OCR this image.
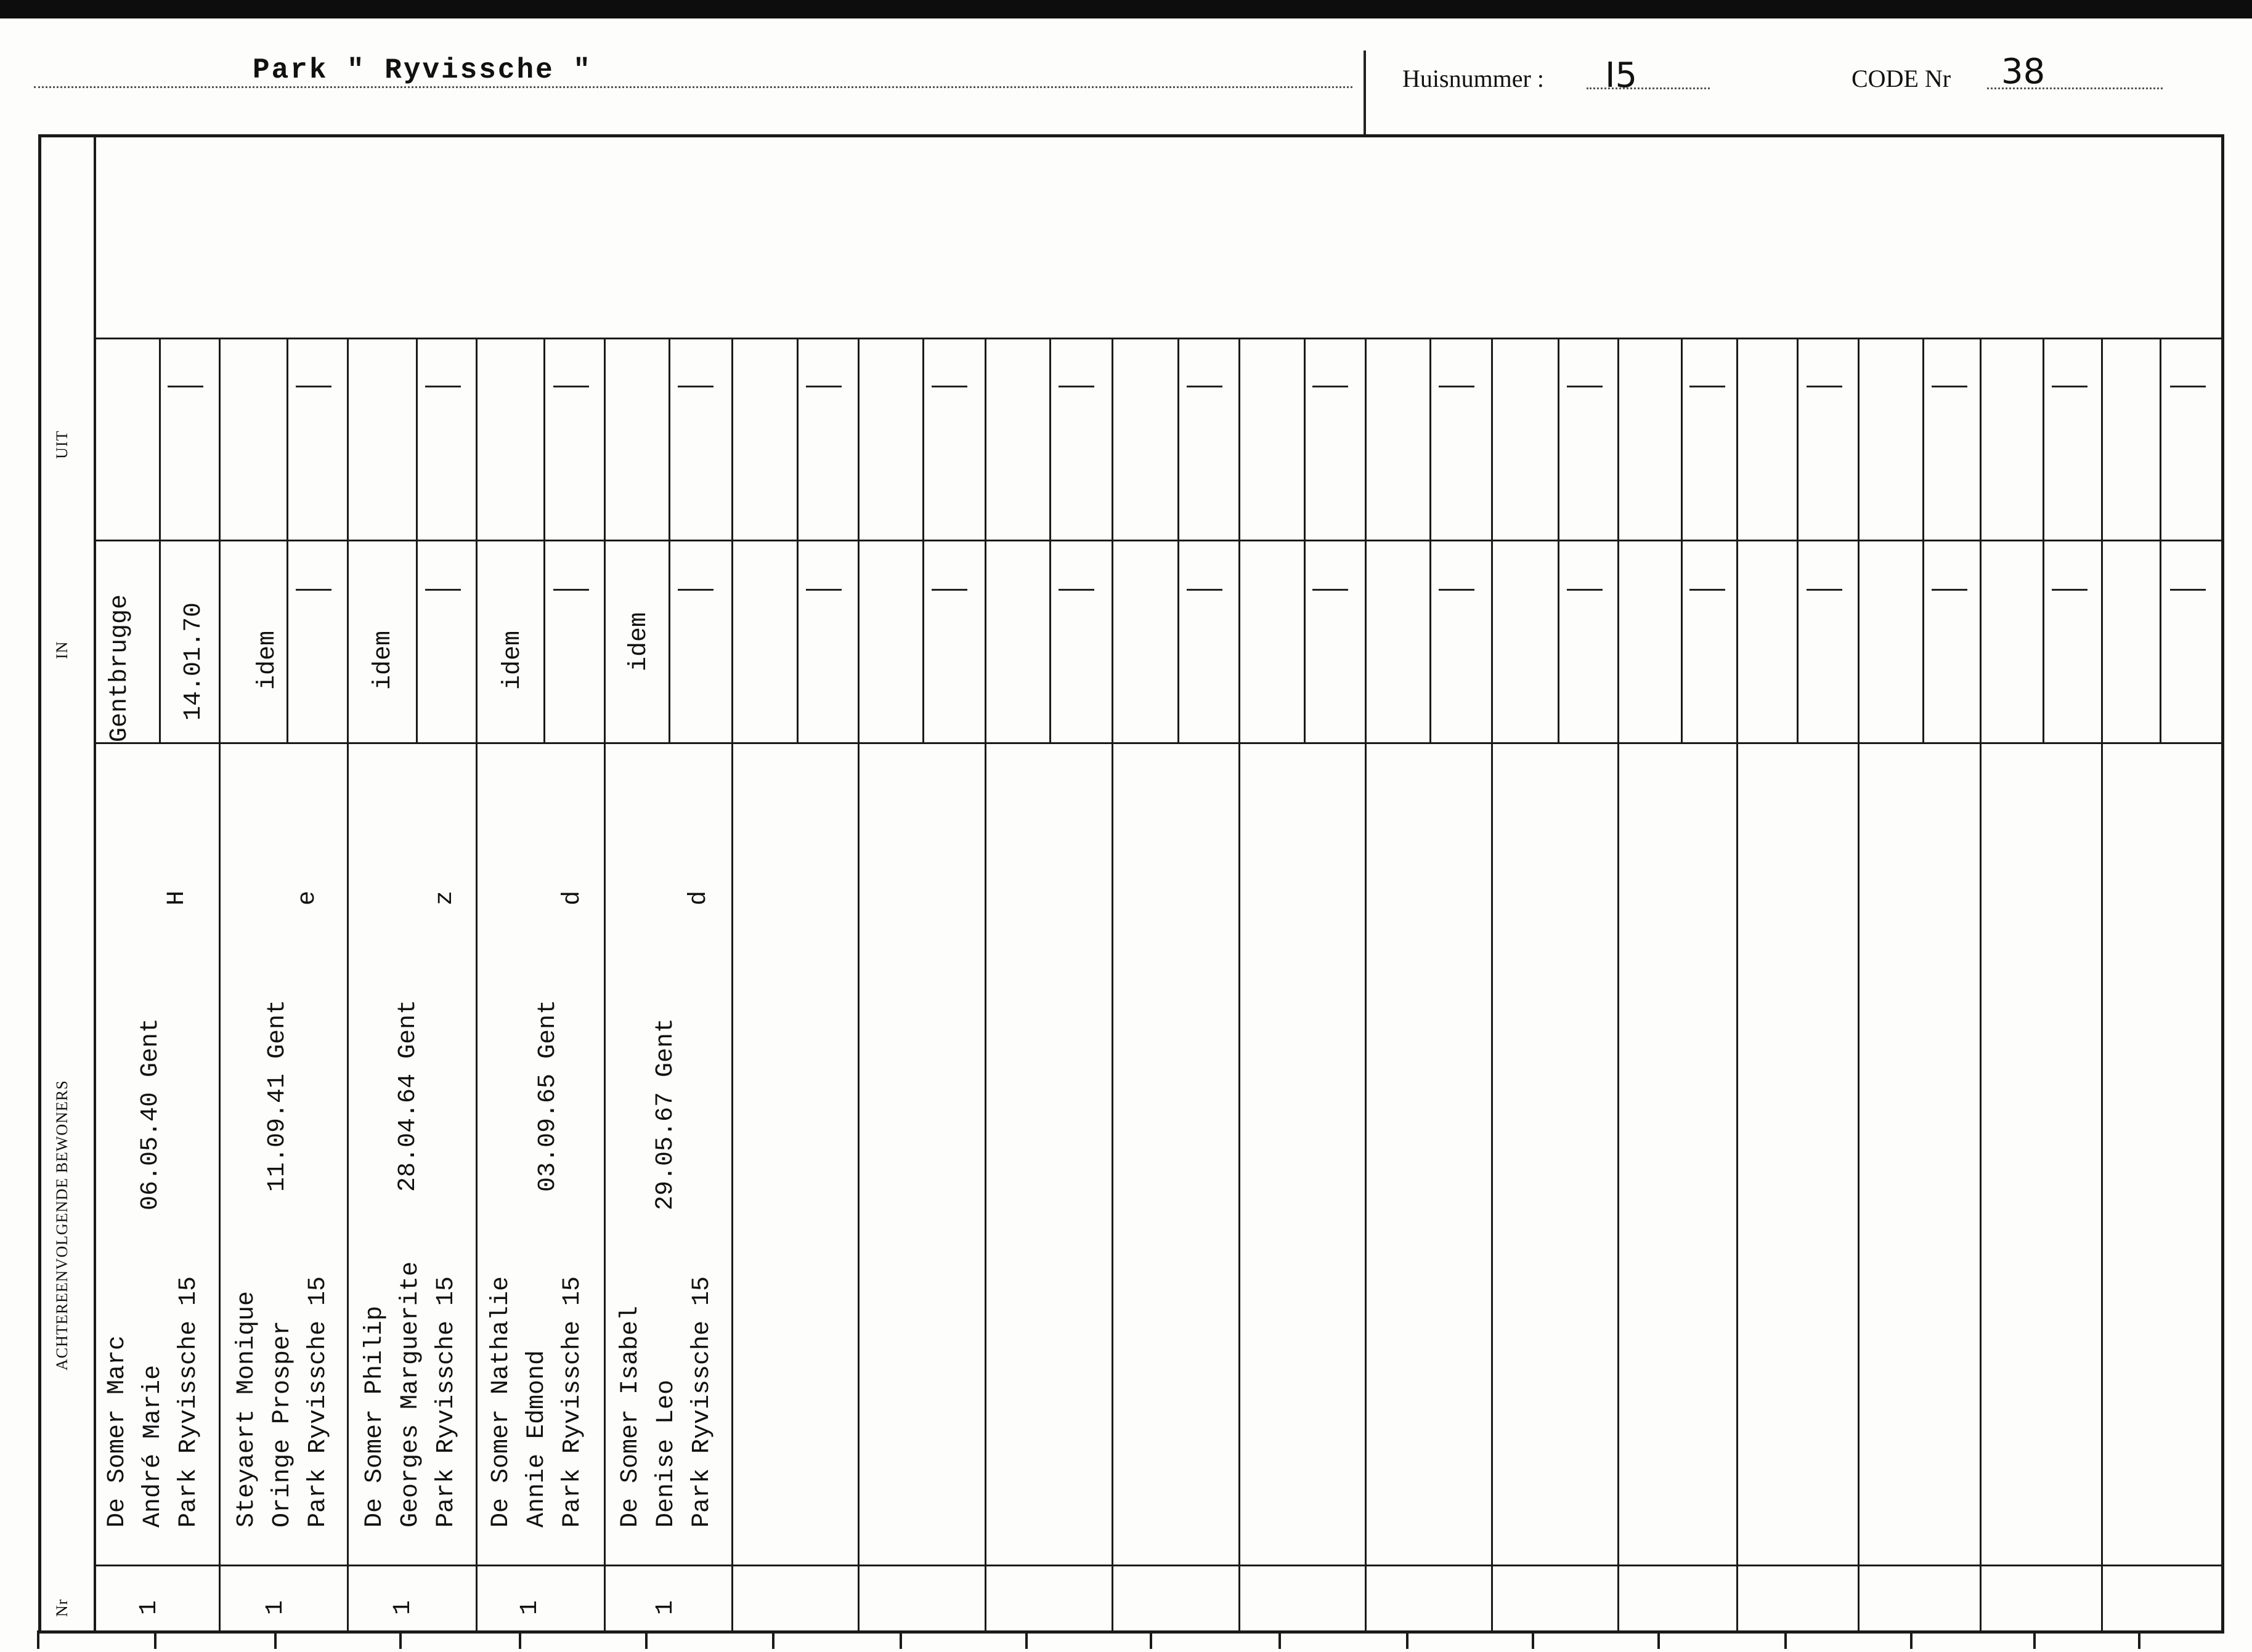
Park " Ryvissche "	Huisnummer : I5	CODE Nr 38
UIT
IN
ACHTEREENVOLGENDE BEWONERS
Nr
De Somer Marc André Marie Park Ryvissche 15
06.05.40 Gent
H
Gentbrugge 14.01.70
1
Steyaert Monique Oringe Prosper Park Ryvissche 15
11.09.41 Gent
e
idem
1
De Somer Philip Georges Marguerite Park Ryvissche 15
28.04.64 Gent
z
idem
1
De Somer Nathalie Annie Edmond Park Ryvissche 15
03.09.65 Gent
d
idem
1
De Somer Isabel Denise Leo Park Ryvissche 15
29.05.67 Gent
d
idem
1
